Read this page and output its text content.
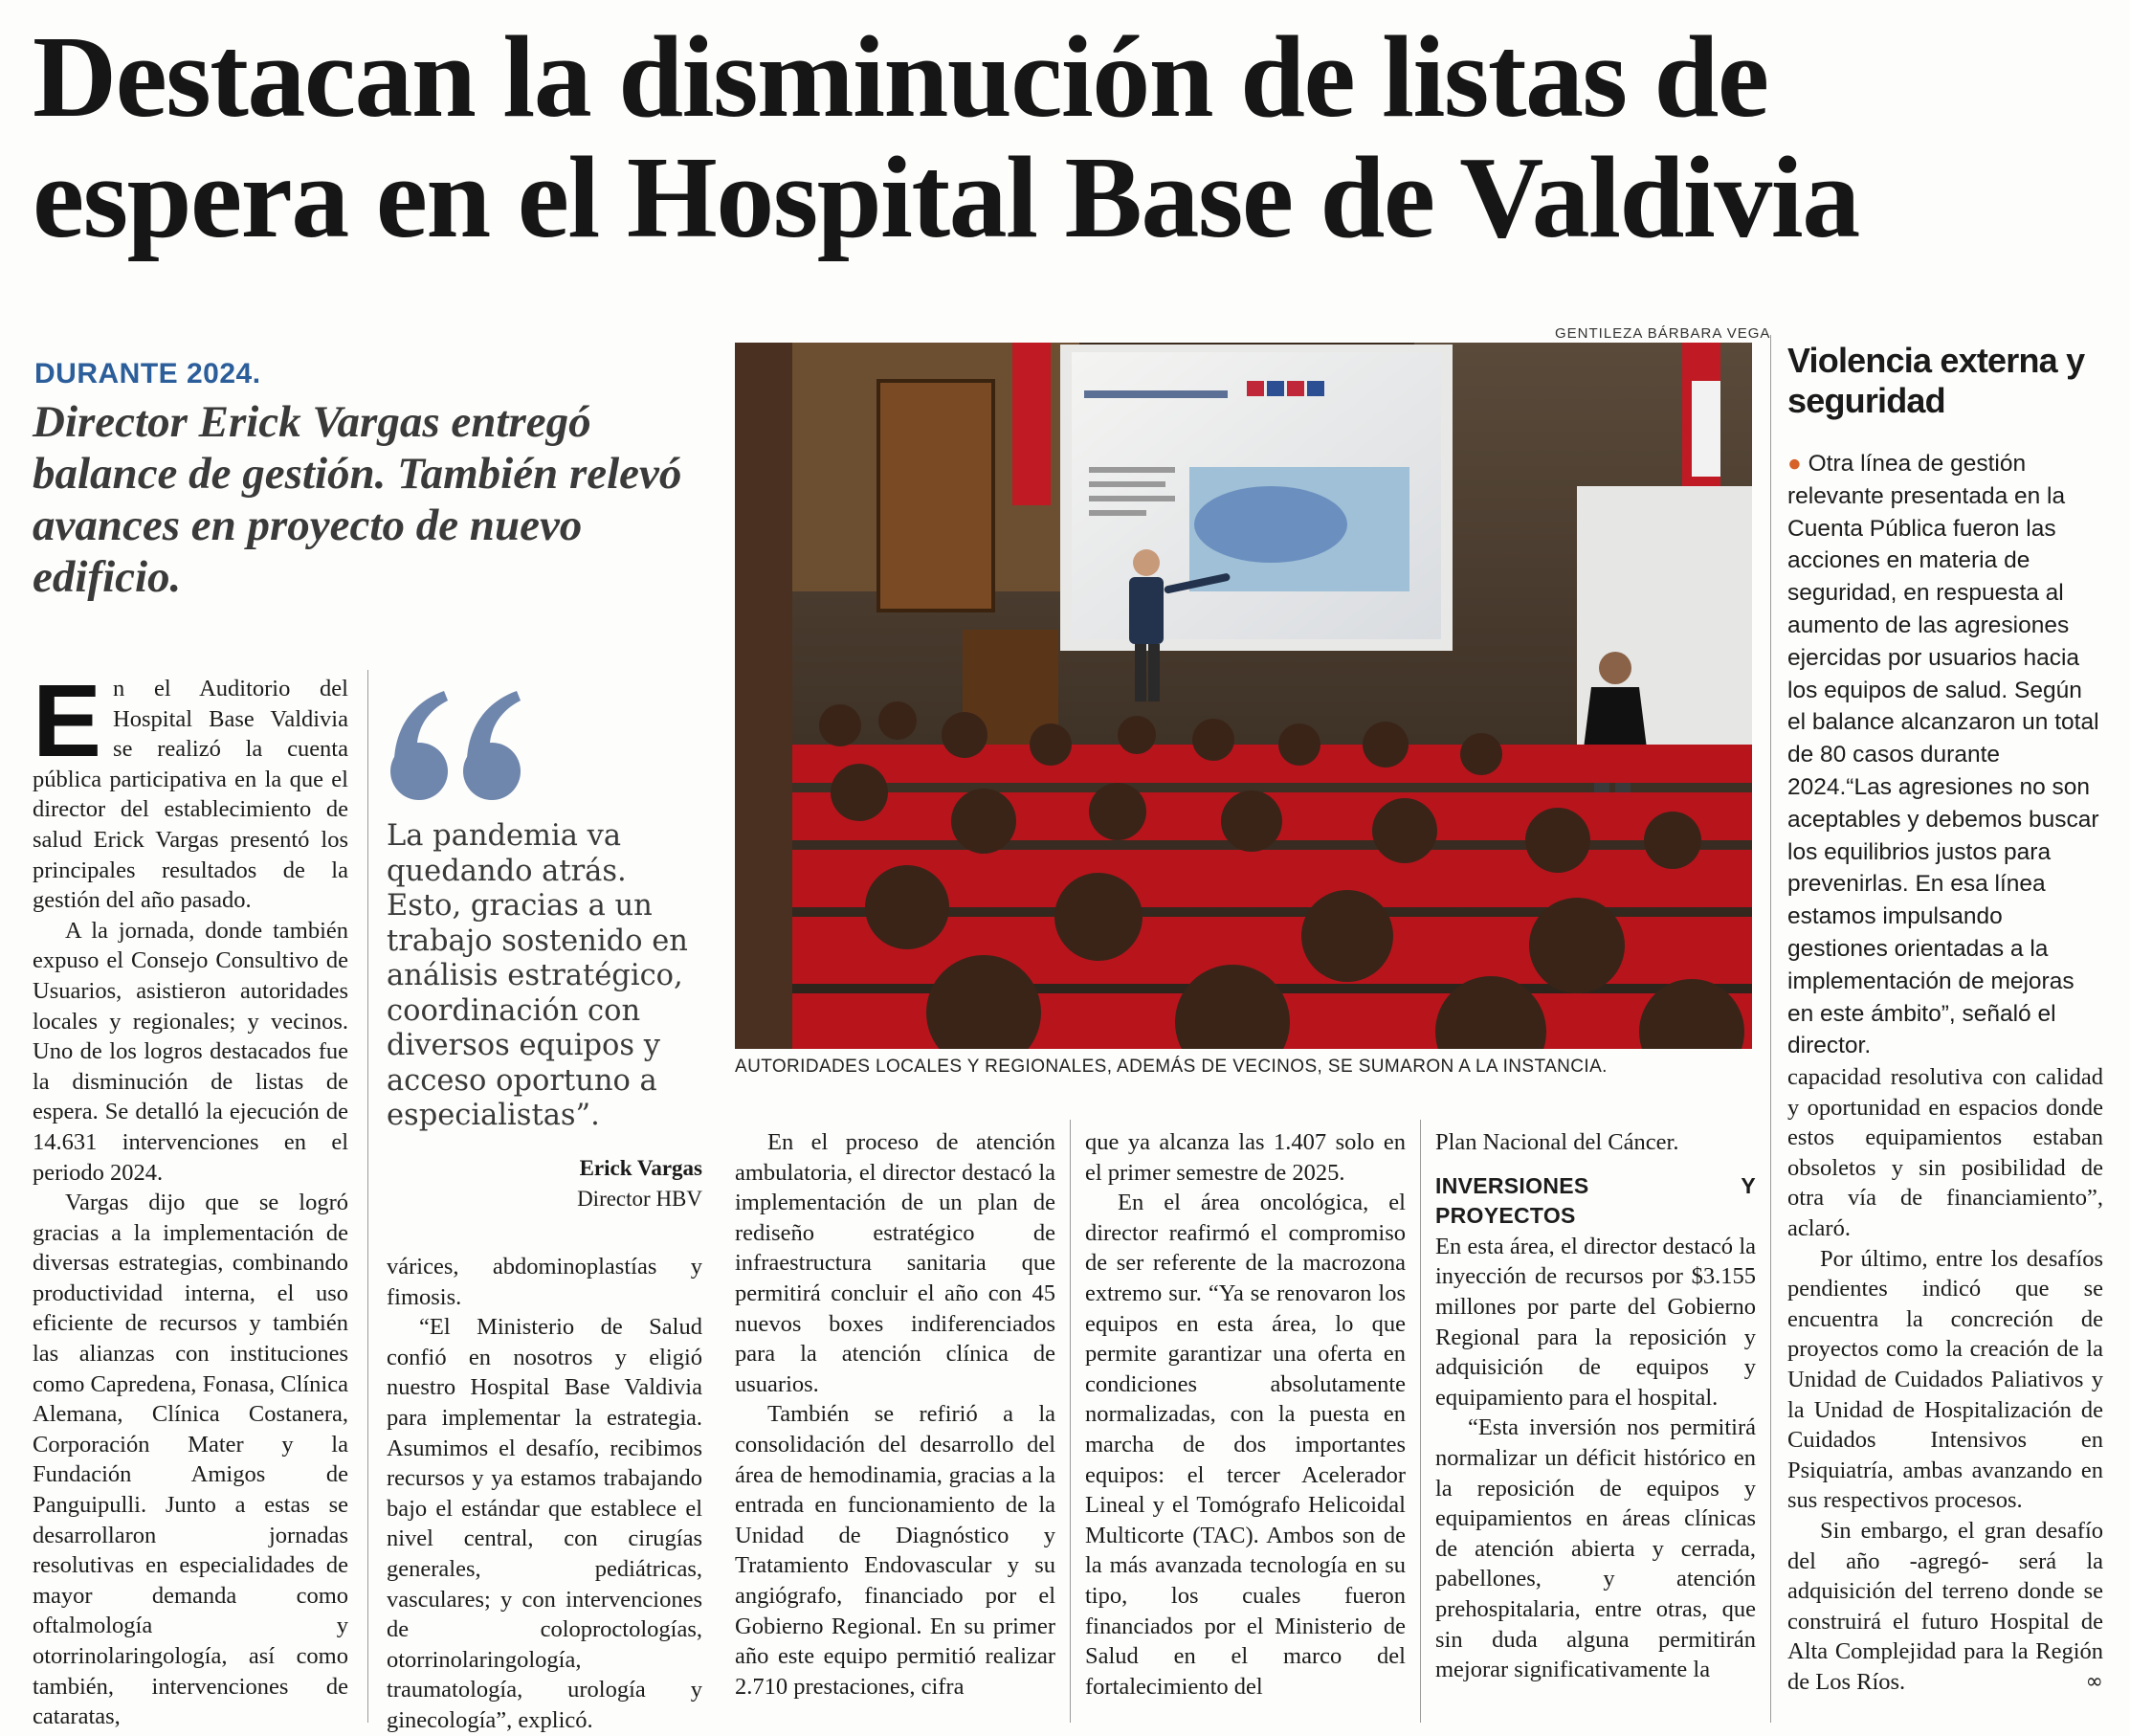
Destacan la disminución de listas de
espera en el Hospital Base de Valdivia
DURANTE 2024.

Director Erick Vargas entregó balance de gestión. También relevó avances en proyecto de nuevo edificio.

E n el Auditorio del Hospital Base Valdivia se realizó la cuenta pública participativa en la que el director del establecimiento de salud Erick Vargas presentó los principales resultados de la gestión del año pasado.

A la jornada, donde también expuso el Consejo Consultivo de Usuarios, asistieron autoridades locales y regionales; y vecinos. Uno de los logros destacados fue la disminución de listas de espera. Se detalló la ejecución de 14.631 intervenciones en el periodo 2024.

Vargas dijo que se logró gracias a la implementación de diversas estrategias, combinando productividad interna, el uso eficiente de recursos y también las alianzas con instituciones como Capredena, Fonasa, Clínica Alemana, Clínica Costanera, Corporación Mater y la Fundación Amigos de Panguipulli. Junto a estas se desarrollaron jornadas resolutivas en especialidades de mayor demanda como oftalmología y otorrinolaringología, así como también, intervenciones de cataratas,

La pandemia va quedando atrás. Esto, gracias a un trabajo sostenido en análisis estratégico, coordinación con diversos equipos y acceso oportuno a especialistas”.

Erick Vargas
Director HBV

várices, abdominoplastías y fimosis.

“El Ministerio de Salud confió en nosotros y eligió nuestro Hospital Base Valdivia para implementar la estrategia. Asumimos el desafío, recibimos recursos y ya estamos trabajando bajo el estándar que establece el nivel central, con cirugías generales, pediátricas, vasculares; y con intervenciones de coloproctologías, otorrinolaringología, traumatología, urología y ginecología”, explicó.

GENTILEZA BÁRBARA VEGA
AUTORIDADES LOCALES Y REGIONALES, ADEMÁS DE VECINOS, SE SUMARON A LA INSTANCIA.

En el proceso de atención ambulatoria, el director destacó la implementación de un plan de rediseño estratégico de infraestructura sanitaria que permitirá concluir el año con 45 nuevos boxes indiferenciados para la atención clínica de usuarios.

También se refirió a la consolidación del desarrollo del área de hemodinamia, gracias a la entrada en funcionamiento de la Unidad de Diagnóstico y Tratamiento Endovascular y su angiógrafo, financiado por el Gobierno Regional. En su primer año este equipo permitió realizar 2.710 prestaciones, cifra

que ya alcanza las 1.407 solo en el primer semestre de 2025.

En el área oncológica, el director reafirmó el compromiso de ser referente de la macrozona extremo sur. “Ya se renovaron los equipos en esta área, lo que permite garantizar una oferta en condiciones absolutamente normalizadas, con la puesta en marcha de dos importantes equipos: el tercer Acelerador Lineal y el Tomógrafo Helicoidal Multicorte (TAC). Ambos son de la más avanzada tecnología en su tipo, los cuales fueron financiados por el Ministerio de Salud en el marco del fortalecimiento del

Plan Nacional del Cáncer.

INVERSIONES Y PROYECTOS

En esta área, el director destacó la inyección de recursos por $3.155 millones por parte del Gobierno Regional para la reposición y adquisición de equipos y equipamiento para el hospital.

“Esta inversión nos permitirá normalizar un déficit histórico en la reposición de equipos y equipamientos en áreas clínicas de atención abierta y cerrada, pabellones, y atención prehospitalaria, entre otras, que sin duda alguna permitirán mejorar significativamente la

Violencia externa y seguridad

● Otra línea de gestión relevante presentada en la Cuenta Pública fueron las acciones en materia de seguridad, en respuesta al aumento de las agresiones ejercidas por usuarios hacia los equipos de salud. Según el balance alcanzaron un total de 80 casos durante 2024.“Las agresiones no son aceptables y debemos buscar los equilibrios justos para prevenirlas. En esa línea estamos impulsando gestiones orientadas a la implementación de mejoras en este ámbito”, señaló el director.

capacidad resolutiva con calidad y oportunidad en espacios donde estos equipamientos estaban obsoletos y sin posibilidad de otra vía de financiamiento”, aclaró.

Por último, entre los desafíos pendientes indicó que se encuentra la concreción de proyectos como la creación de la Unidad de Cuidados Paliativos y la Unidad de Hospitalización de Cuidados Intensivos en Psiquiatría, ambas avanzando en sus respectivos procesos.

Sin embargo, el gran desafío del año -agregó- será la adquisición del terreno donde se construirá el futuro Hospital de Alta Complejidad para la Región de Los Ríos.	∞
